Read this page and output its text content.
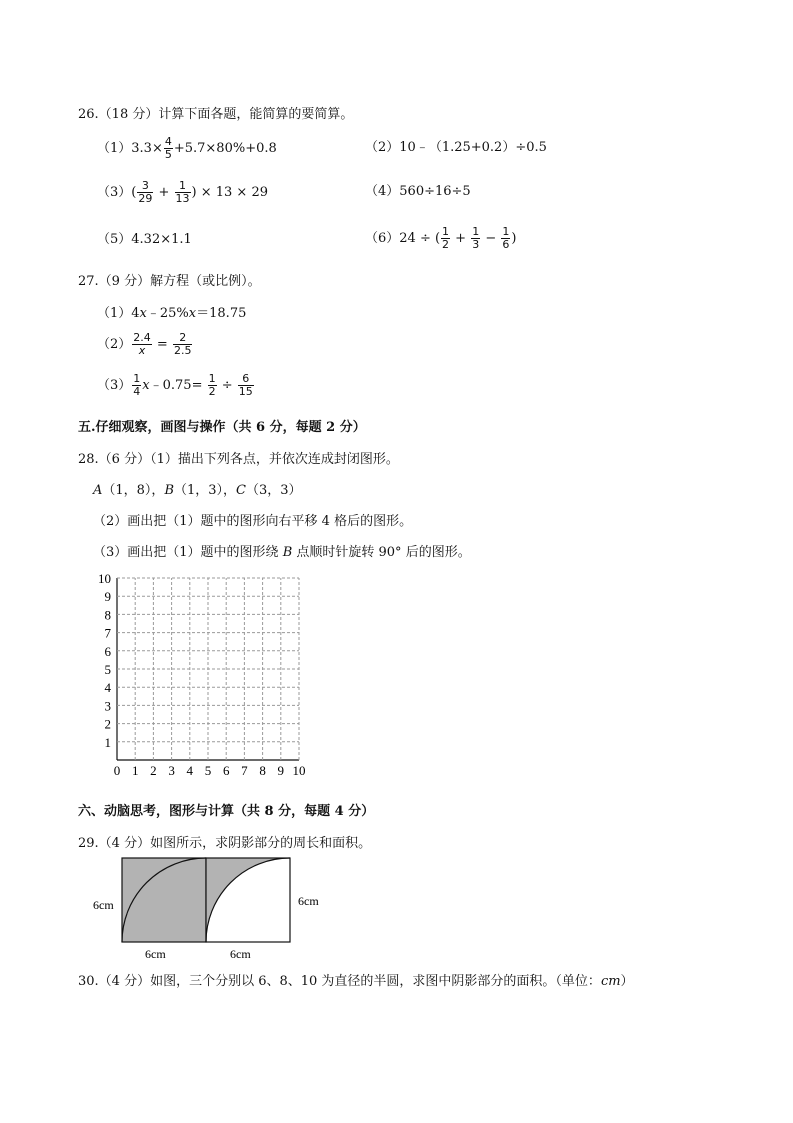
26.（18 分）计算下面各题，能简算的要简算。
$(1)3.3\times \frac{4}{5} +5.7\times 80\%+0.8$	（2）10﹣（1.25+0.2）÷0.5
$(3)( \frac{3}{29} + \frac{1}{13}$ ) × 13 × 29	（4）560÷16÷5
（5）4.32×1.1	（6）24 ÷ ( $\frac{1}{2} + \frac{1}{3} - \frac{1}{6}$ )
27.（9 分）解方程（或比例）。
（1）4x﹣25%x＝18.75
$(2) \frac{2.4}{x} = \frac{2}{2.5}$
$(3) \frac{1}{4}$ x﹣0.75= $\frac{1}{2} \div \frac{6}{15}$
五.仔细观察，画图与操作（共 6 分，每题 2 分）
28.（6 分）（1）描出下列各点，并依次连成封闭图形。
A（1，8），B（1，3），C（3，3）
（2）画出把（1）题中的图形向右平移 4 格后的图形。
（3）画出把（1）题中的图形绕 B 点顺时针旋转 90° 后的图形。
0 1 2 3 4 5 6 7 8 9 10
10
9
8
7
6
5
4
3
2
1
六、动脑思考，图形与计算（共 8 分，每题 4 分）
29.（4 分）如图所示，求阴影部分的周长和面积。
6cm	6cm
6cm	6cm
30.（4 分）如图，三个分别以 6、8、10 为直径的半圆，求图中阴影部分的面积。（单位：cm）
